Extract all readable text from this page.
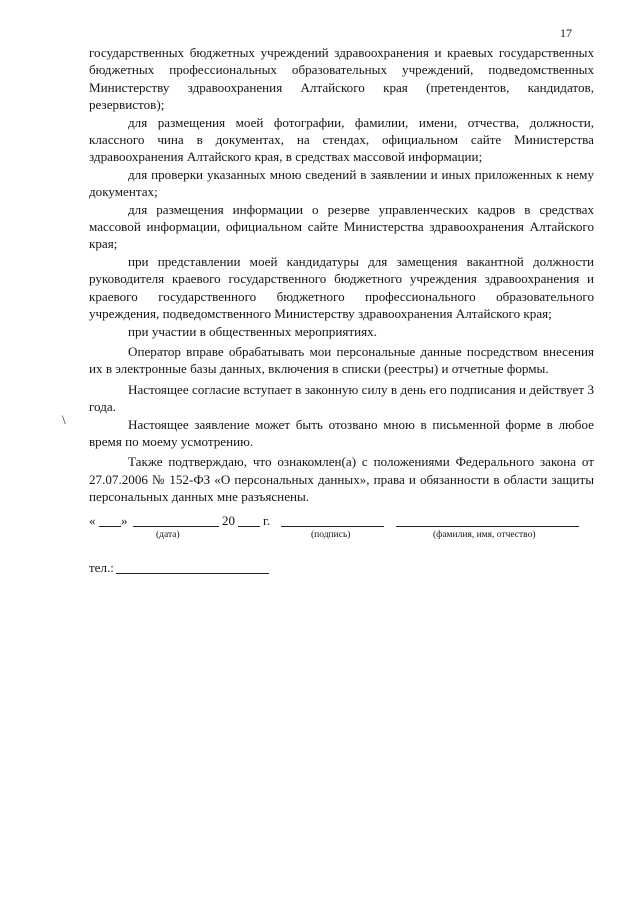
17

государственных бюджетных учреждений здравоохранения и краевых государственных бюджетных профессиональных образовательных учреждений, подведомственных Министерству здравоохранения Алтайского края (претендентов, кандидатов, резервистов);

для размещения моей фотографии, фамилии, имени, отчества, должности, классного чина в документах, на стендах, официальном сайте Министерства здравоохранения Алтайского края, в средствах массовой информации;

для проверки указанных мною сведений в заявлении и иных приложенных к нему документах;

для размещения информации о резерве управленческих кадров в средствах массовой информации, официальном сайте Министерства здравоохранения Алтайского края;

при представлении моей кандидатуры для замещения вакантной должности руководителя краевого государственного бюджетного учреждения здравоохранения и краевого государственного бюджетного профессионального образовательного учреждения, подведомственного Министерству здравоохранения Алтайского края;

при участии в общественных мероприятиях.

Оператор вправе обрабатывать мои персональные данные посредством внесения их в электронные базы данных, включения в списки (реестры) и отчетные формы.

Настоящее согласие вступает в законную силу в день его подписания и действует 3 года.

Настоящее заявление может быть отозвано мною в письменной форме в любое время по моему усмотрению.

Также подтверждаю, что ознакомлен(а) с положениями Федерального закона от 27.07.2006 № 152-ФЗ «О персональных данных», права и обязанности в области защиты персональных данных мне разъяснены.

\
« »	20 г.
(дата)	(подпись)	(фамилия, имя, отчество)
тел.:
